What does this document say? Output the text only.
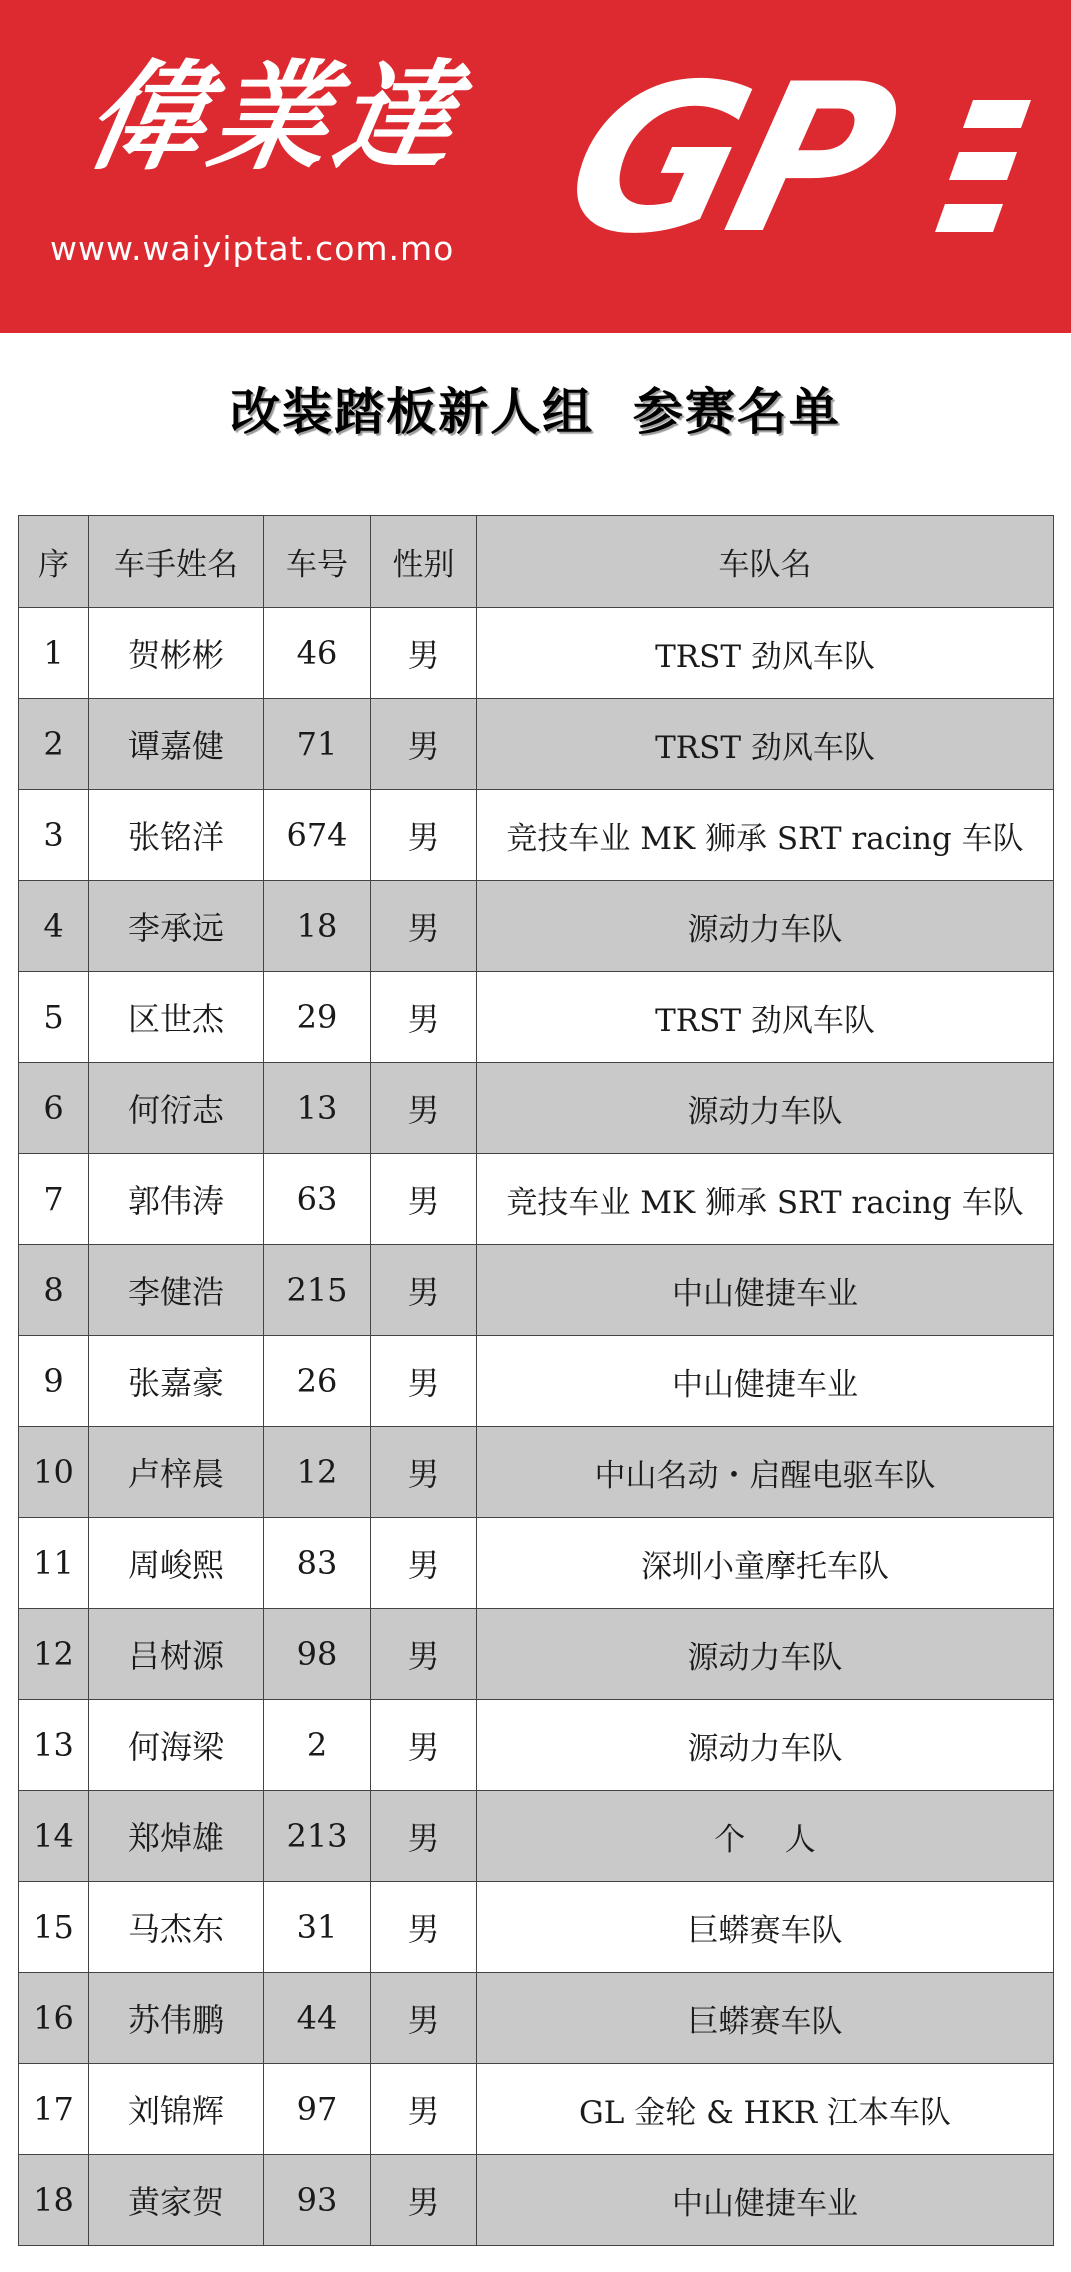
偉業達 GP
www.waiyiptat.com.mo
改装踏板新人组  参赛名单
序	车手姓名	车号	性别	车队名
1	贺彬彬	46	男	TRST 劲风车队
2	谭嘉健	71	男	TRST 劲风车队
3	张铭洋	674	男	竞技车业 MK 狮承 SRT racing 车队
4	李承远	18	男	源动力车队
5	区世杰	29	男	TRST 劲风车队
6	何衍志	13	男	源动力车队
7	郭伟涛	63	男	竞技车业 MK 狮承 SRT racing 车队
8	李健浩	215	男	中山健捷车业
9	张嘉豪	26	男	中山健捷车业
10	卢梓晨	12	男	中山名动・启醒电驱车队
11	周峻熙	83	男	深圳小童摩托车队
12	吕树源	98	男	源动力车队
13	何海梁	2	男	源动力车队
14	郑焯雄	213	男	个    人
15	马杰东	31	男	巨蟒赛车队
16	苏伟鹏	44	男	巨蟒赛车队
17	刘锦辉	97	男	GL 金轮 & HKR 江本车队
18	黄家贺	93	男	中山健捷车业
